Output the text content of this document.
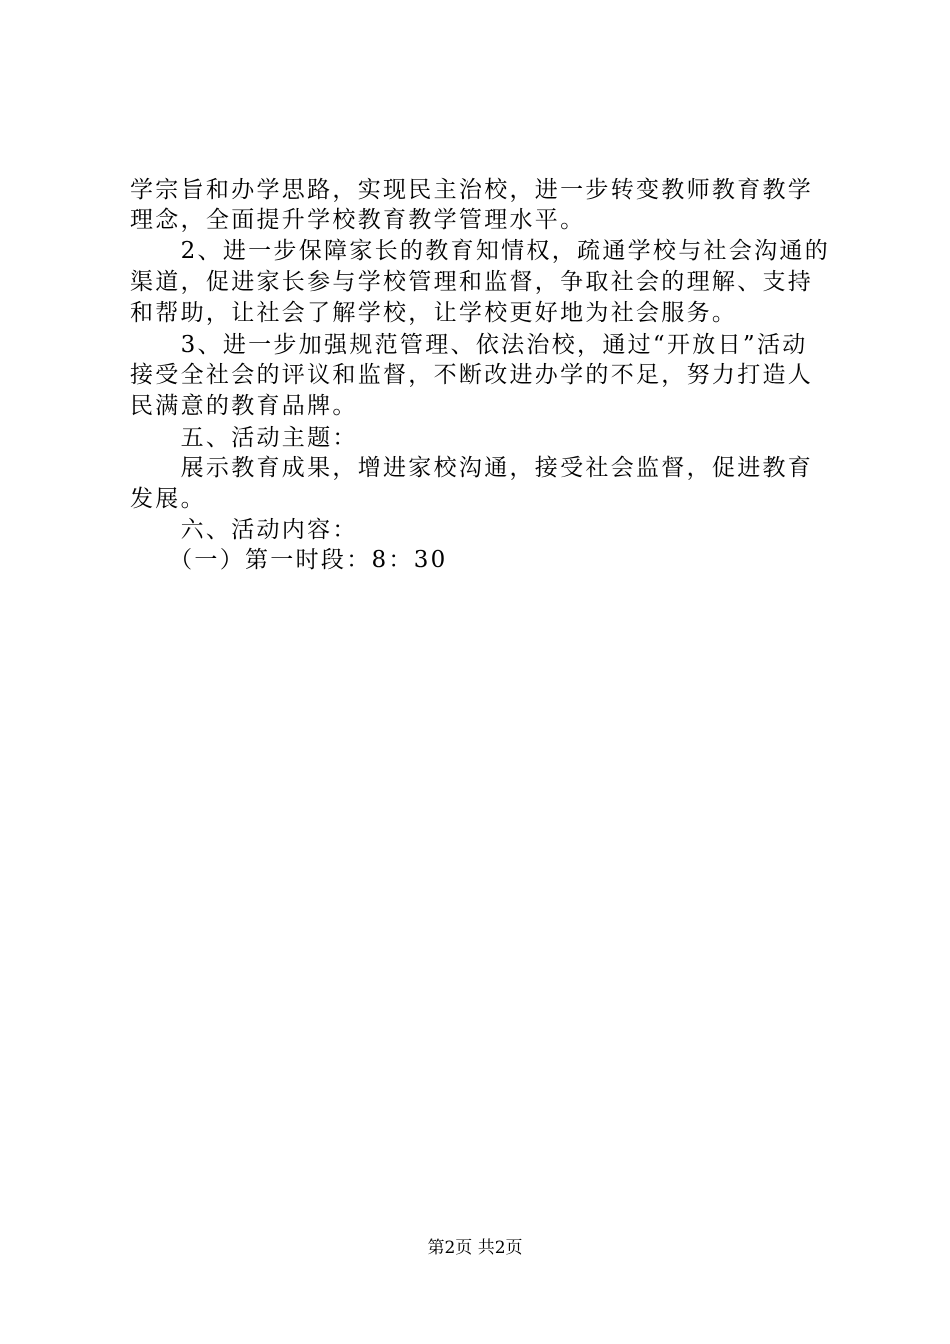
学宗旨和办学思路，实现民主治校，进一步转变教师教育教学
理念，全面提升学校教育教学管理水平。
　　2、进一步保障家长的教育知情权，疏通学校与社会沟通的
渠道，促进家长参与学校管理和监督，争取社会的理解、支持
和帮助，让社会了解学校，让学校更好地为社会服务。
　　3、进一步加强规范管理、依法治校，通过“开放日”活动
接受全社会的评议和监督，不断改进办学的不足，努力打造人
民满意的教育品牌。
　　五、活动主题：
　　展示教育成果，增进家校沟通，接受社会监督，促进教育
发展。
　　六、活动内容：
　　（一）第一时段：8：30
第2页 共2页
